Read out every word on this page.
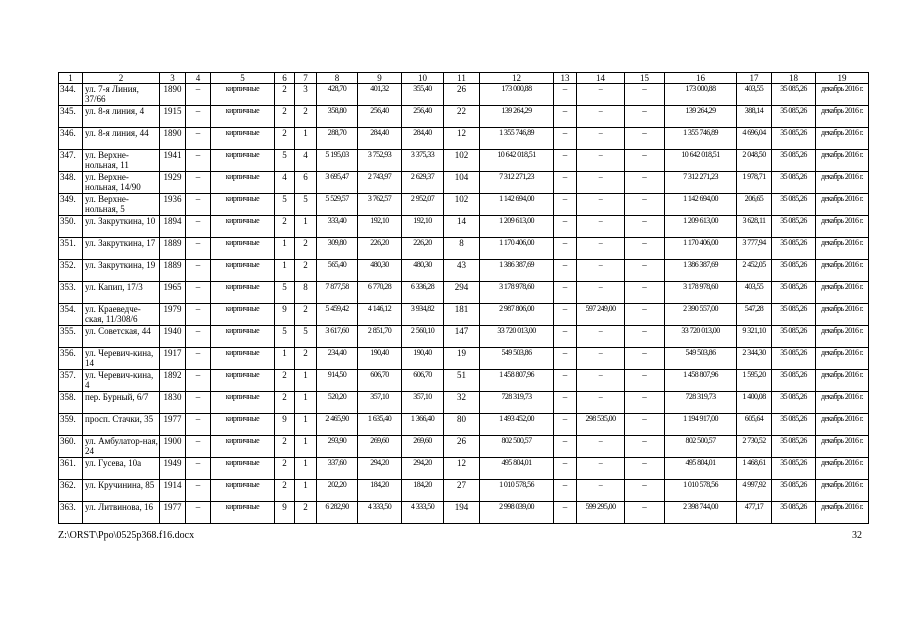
1	2	3	4	5	6	7	8	9	10	11	12	13	14	15	16	17	18	19
344.	ул. 7-я Линия, 37/66	1890	–	кирпичные	2	3	428,70	401,32	355,40	26	173 000,88	–	–	–	173 000,88	403,55	35 085,26	декабрь 2016 г.
345.	ул. 8-я линия, 4	1915	–	кирпичные	2	2	358,80	256,40	256,40	22	139 264,29	–	–	–	139 264,29	388,14	35 085,26	декабрь 2016 г.
346.	ул. 8-я линия, 44	1890	–	кирпичные	2	1	288,70	284,40	284,40	12	1 355 746,89	–	–	–	1 355 746,89	4 696,04	35 085,26	декабрь 2016 г.
347.	ул. Верхне-нольная, 11	1941	–	кирпичные	5	4	5 195,03	3 752,93	3 375,33	102	10 642 018,51	–	–	–	10 642 018,51	2 048,50	35 085,26	декабрь 2016 г.
348.	ул. Верхне-нольная, 14/90	1929	–	кирпичные	4	6	3 695,47	2 743,97	2 629,37	104	7 312 271,23	–	–	–	7 312 271,23	1 978,71	35 085,26	декабрь 2016 г.
349.	ул. Верхне-нольная, 5	1936	–	кирпичные	5	5	5 529,57	3 762,57	2 952,07	102	1 142 694,00	–	–	–	1 142 694,00	206,65	35 085,26	декабрь 2016 г.
350.	ул. Закруткина, 10	1894	–	кирпичные	2	1	333,40	192,10	192,10	14	1 209 613,00	–	–	–	1 209 613,00	3 628,11	35 085,26	декабрь 2016 г.
351.	ул. Закруткина, 17	1889	–	кирпичные	1	2	309,80	226,20	226,20	8	1 170 406,00	–	–	–	1 170 406,00	3 777,94	35 085,26	декабрь 2016 г.
352.	ул. Закруткина, 19	1889	–	кирпичные	1	2	565,40	480,30	480,30	43	1 386 387,69	–	–	–	1 386 387,69	2 452,05	35 085,26	декабрь 2016 г.
353.	ул. Капип, 17/3	1965	–	кирпичные	5	8	7 877,58	6 770,28	6 336,28	294	3 178 978,60	–	–	–	3 178 978,60	403,55	35 085,26	декабрь 2016 г.
354.	ул. Краеведче-ская, 11/308/6	1979	–	кирпичные	9	2	5 459,42	4 146,12	3 934,82	181	2 987 806,00	–	597 249,00	–	2 390 557,00	547,28	35 085,26	декабрь 2016 г.
355.	ул. Советская, 44	1940	–	кирпичные	5	5	3 617,60	2 851,70	2 560,10	147	33 720 013,00	–	–	–	33 720 013,00	9 321,10	35 085,26	декабрь 2016 г.
356.	ул. Черевич-кина, 14	1917	–	кирпичные	1	2	234,40	190,40	190,40	19	549 503,86	–	–	–	549 503,86	2 344,30	35 085,26	декабрь 2016 г.
357.	ул. Черевич-кина, 4	1892	–	кирпичные	2	1	914,50	606,70	606,70	51	1 458 807,96	–	–	–	1 458 807,96	1 595,20	35 085,26	декабрь 2016 г.
358.	пер. Бурный, 6/7	1830	–	кирпичные	2	1	520,20	357,10	357,10	32	728 319,73	–	–	–	728 319,73	1 400,08	35 085,26	декабрь 2016 г.
359.	просп. Стачки, 35	1977	–	кирпичные	9	1	2 465,90	1 635,40	1 366,40	80	1 493 452,00	–	298 535,00	–	1 194 917,00	605,64	35 085,26	декабрь 2016 г.
360.	ул. Амбулатор-ная, 24	1900	–	кирпичные	2	1	293,90	269,60	269,60	26	802 500,57	–	–	–	802 500,57	2 730,52	35 085,26	декабрь 2016 г.
361.	ул. Гусева, 10а	1949	–	кирпичные	2	1	337,60	294,20	294,20	12	495 804,01	–	–	–	495 804,01	1 468,61	35 085,26	декабрь 2016 г.
362.	ул. Кручинина, 85	1914	–	кирпичные	2	1	202,20	184,20	184,20	27	1 010 578,56	–	–	–	1 010 578,56	4 997,92	35 085,26	декабрь 2016 г.
363.	ул. Литвинова, 16	1977	–	кирпичные	9	2	6 282,90	4 333,50	4 333,50	194	2 998 039,00	–	599 295,00	–	2 398 744,00	477,17	35 085,26	декабрь 2016 г.
Z:\ORST\Ppo\0525p368.f16.docx	32
